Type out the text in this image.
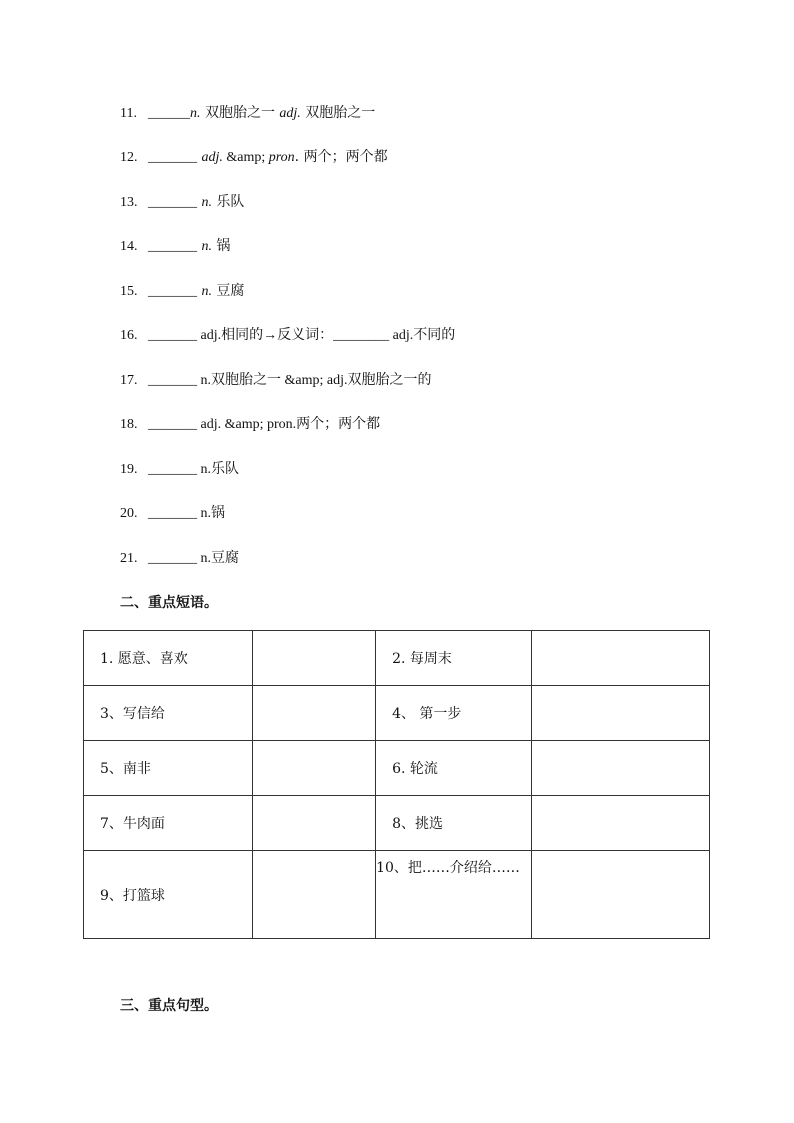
11. ______n. 双胞胎之一 adj. 双胞胎之一
12. _______ adj. &amp; pron. 两个；两个都
13. _______ n. 乐队
14. _______ n. 锅
15. _______ n. 豆腐
16. _______ adj.相同的→反义词：________ adj.不同的
17. _______ n.双胞胎之一 &amp; adj.双胞胎之一的
18. _______ adj. &amp; pron.两个；两个都
19. _______ n.乐队
20. _______ n.锅
21. _______ n.豆腐
二、重点短语。
1. 愿意、喜欢		2. 每周末	
3、写信给		4、 第一步	
5、南非		6. 轮流	
7、牛肉面		8、挑选	
9、打篮球		10、把……介绍给……	
三、重点句型。
